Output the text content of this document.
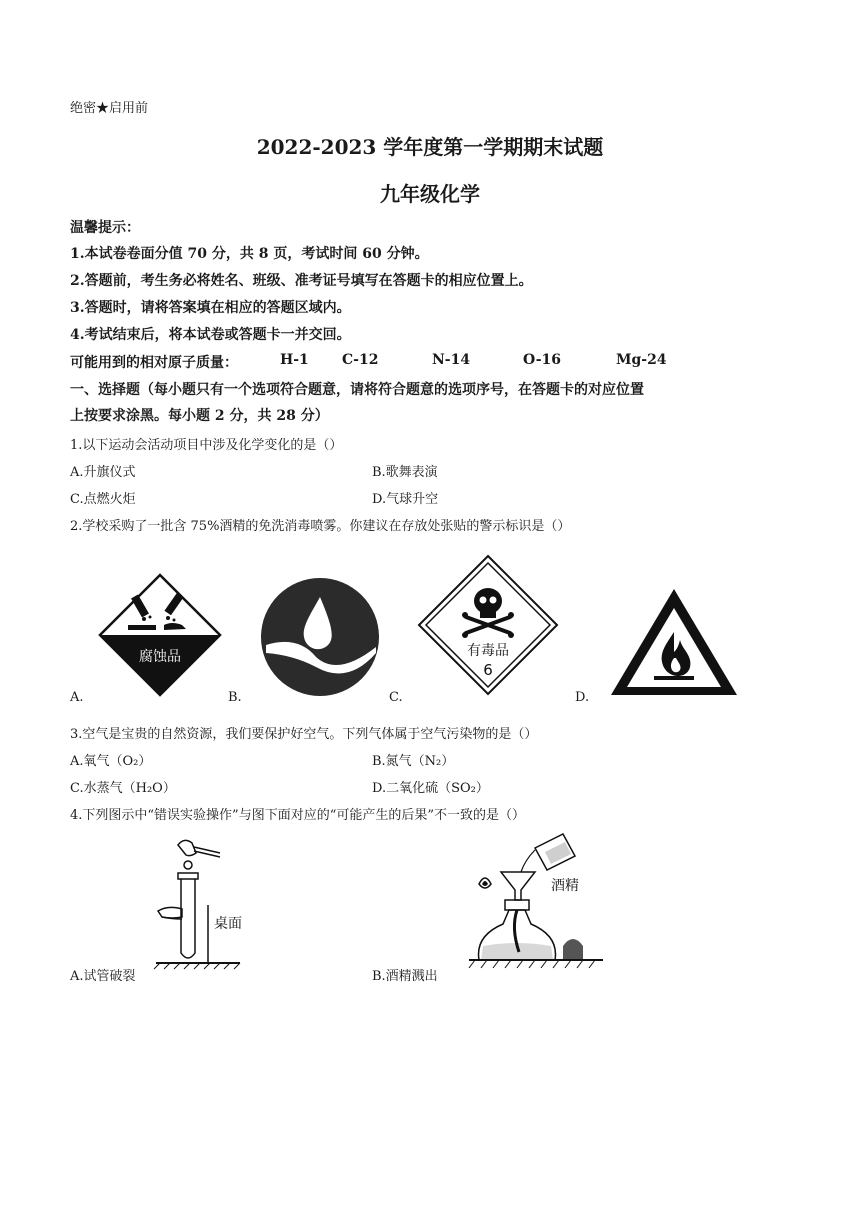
绝密★启用前
2022-2023 学年度第一学期期末试题
九年级化学
温馨提示：
1.本试卷卷面分值 70 分，共 8 页，考试时间 60 分钟。
2.答题前，考生务必将姓名、班级、准考证号填写在答题卡的相应位置上。
3.答题时，请将答案填在相应的答题区域内。
4.考试结束后，将本试卷或答题卡一并交回。
可能用到的相对原子质量：	H-1 C-12	N-14	O-16	Mg-24
一、选择题（每小题只有一个选项符合题意，请将符合题意的选项序号，在答题卡的对应位置
上按要求涂黑。每小题 2 分，共 28 分）
1.以下运动会活动项目中涉及化学变化的是（）
A.升旗仪式	B.歌舞表演
C.点燃火炬	D.气球升空
2.学校采购了一批含 75%酒精的免洗消毒喷雾。你建议在存放处张贴的警示标识是（）
腐蚀品	有毒品
6
A.	B.	C.	D.
3.空气是宝贵的自然资源，我们要保护好空气。下列气体属于空气污染物的是（）
A.氧气（O₂）	B.氮气（N₂）
C.水蒸气（H₂O）	D.二氧化硫（SO₂）
4.下列图示中“错误实验操作”与图下面对应的“可能产生的后果”不一致的是（）
桌面
A.试管破裂
酒精
B.酒精溅出
